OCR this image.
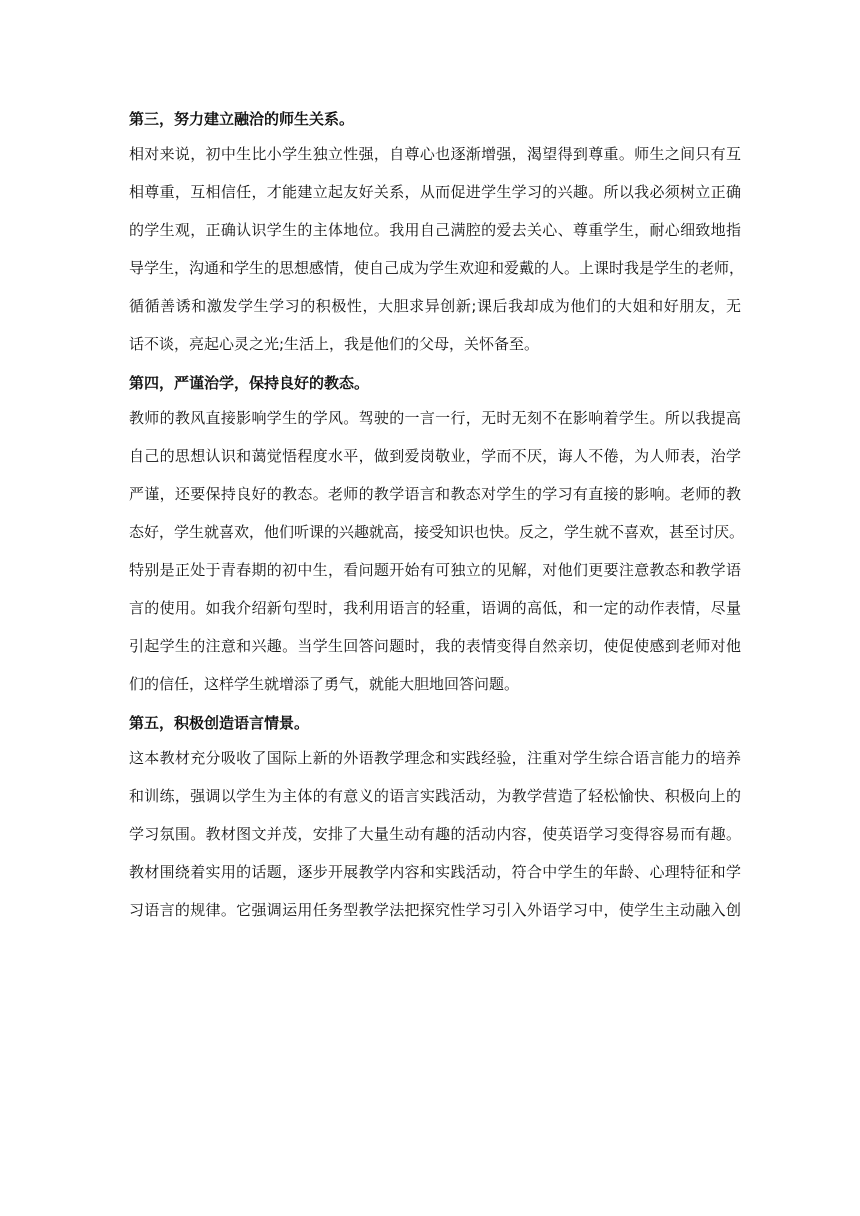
第三，努力建立融洽的师生关系。
相对来说，初中生比小学生独立性强，自尊心也逐渐增强，渴望得到尊重。师生之间只有互
相尊重，互相信任，才能建立起友好关系，从而促进学生学习的兴趣。所以我必须树立正确
的学生观，正确认识学生的主体地位。我用自己满腔的爱去关心、尊重学生，耐心细致地指
导学生，沟通和学生的思想感情，使自己成为学生欢迎和爱戴的人。上课时我是学生的老师，
循循善诱和激发学生学习的积极性，大胆求异创新;课后我却成为他们的大姐和好朋友，无
话不谈，亮起心灵之光;生活上，我是他们的父母，关怀备至。
第四，严谨治学，保持良好的教态。
教师的教风直接影响学生的学风。驾驶的一言一行，无时无刻不在影响着学生。所以我提高
自己的思想认识和蔼觉悟程度水平，做到爱岗敬业，学而不厌，诲人不倦，为人师表，治学
严谨，还要保持良好的教态。老师的教学语言和教态对学生的学习有直接的影响。老师的教
态好，学生就喜欢，他们听课的兴趣就高，接受知识也快。反之，学生就不喜欢，甚至讨厌。
特别是正处于青春期的初中生，看问题开始有可独立的见解，对他们更要注意教态和教学语
言的使用。如我介绍新句型时，我利用语言的轻重，语调的高低，和一定的动作表情，尽量
引起学生的注意和兴趣。当学生回答问题时，我的表情变得自然亲切，使促使感到老师对他
们的信任，这样学生就增添了勇气，就能大胆地回答问题。
第五，积极创造语言情景。
这本教材充分吸收了国际上新的外语教学理念和实践经验，注重对学生综合语言能力的培养
和训练，强调以学生为主体的有意义的语言实践活动，为教学营造了轻松愉快、积极向上的
学习氛围。教材图文并茂，安排了大量生动有趣的活动内容，使英语学习变得容易而有趣。
教材围绕着实用的话题，逐步开展教学内容和实践活动，符合中学生的年龄、心理特征和学
习语言的规律。它强调运用任务型教学法把探究性学习引入外语学习中，使学生主动融入创
